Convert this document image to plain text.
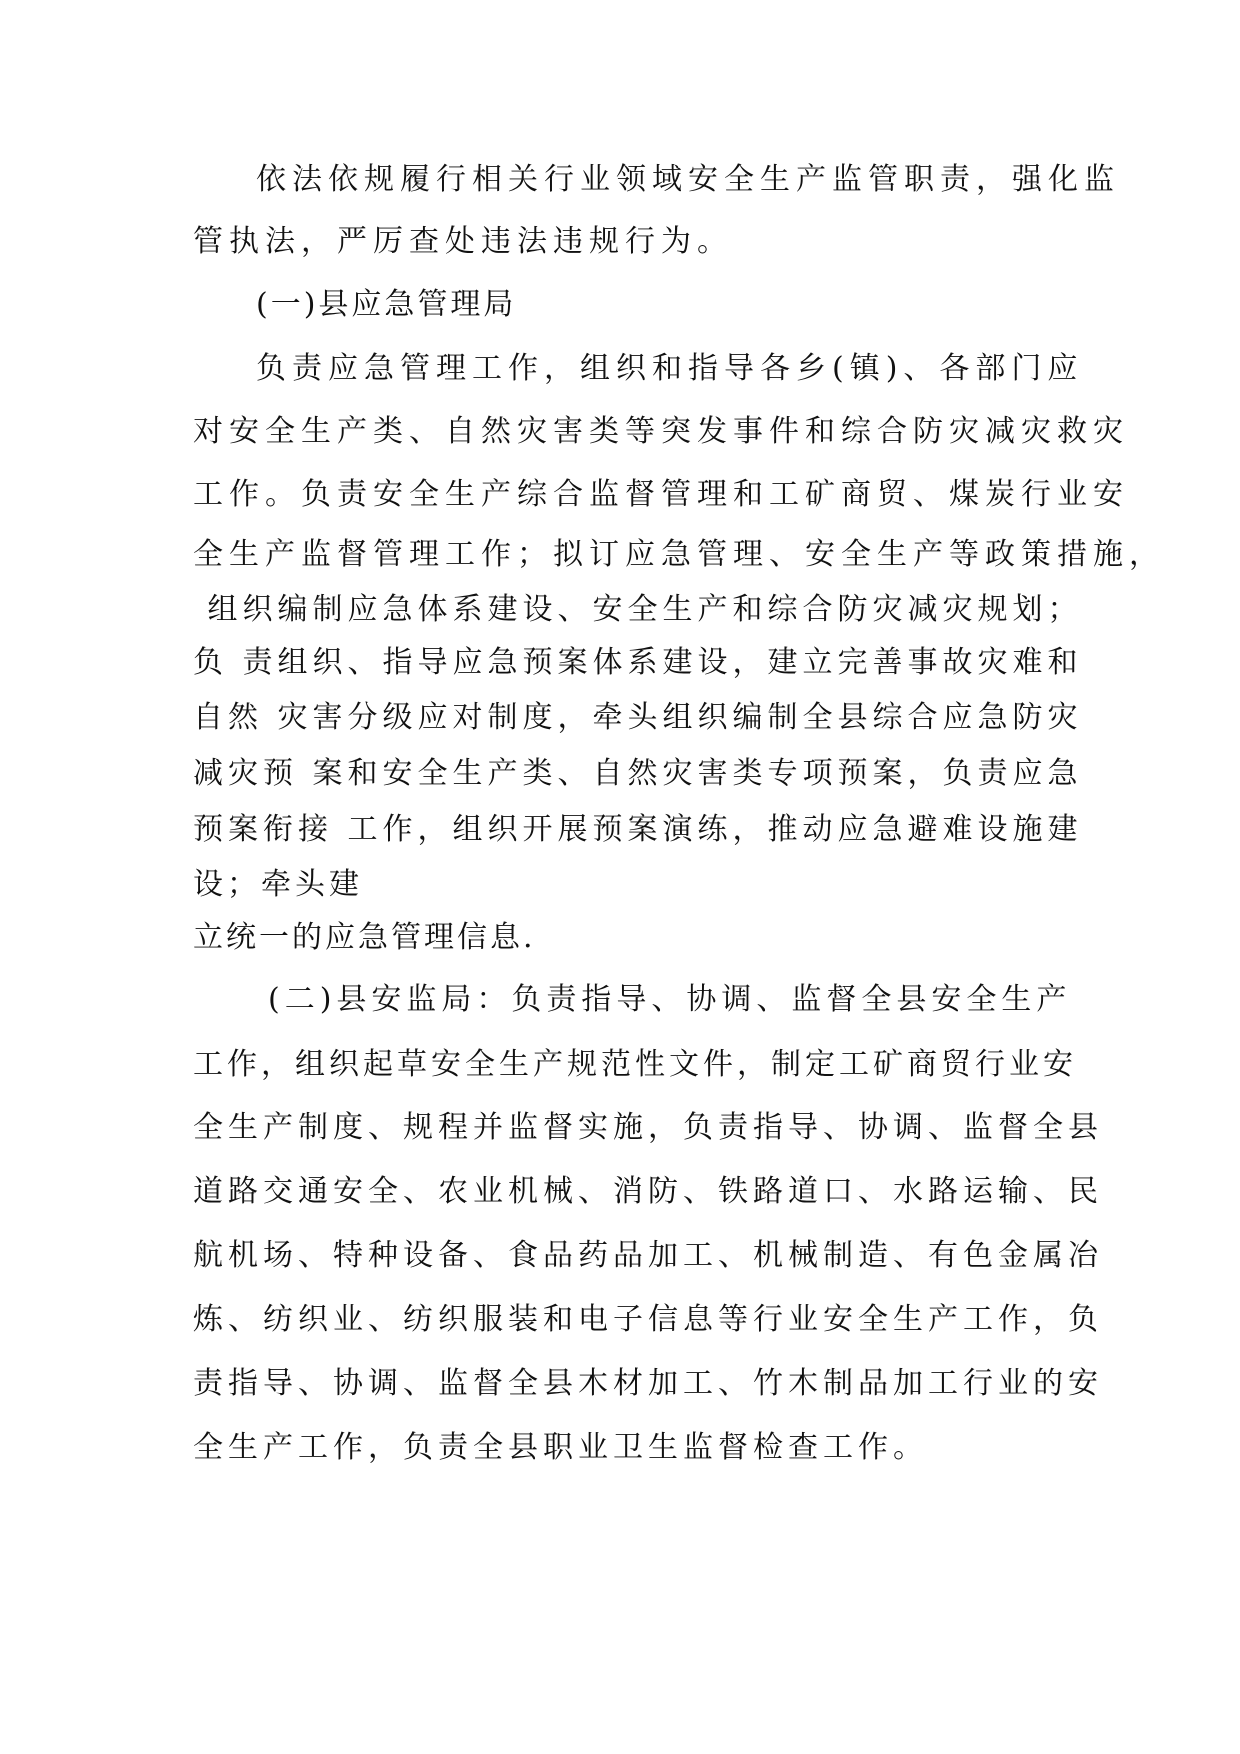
依法依规履行相关行业领域安全生产监管职责，强化监
管执法，严厉查处违法违规行为。
(一)县应急管理局
负责应急管理工作，组织和指导各乡(镇)、各部门应
对安全生产类、自然灾害类等突发事件和综合防灾减灾救灾
工作。负责安全生产综合监督管理和工矿商贸、煤炭行业安
全生产监督管理工作；拟订应急管理、安全生产等政策措施，
组织编制应急体系建设、安全生产和综合防灾减灾规划；
负 责组织、指导应急预案体系建设，建立完善事故灾难和
自然 灾害分级应对制度，牵头组织编制全县综合应急防灾
减灾预 案和安全生产类、自然灾害类专项预案，负责应急
预案衔接 工作，组织开展预案演练，推动应急避难设施建
设；牵头建
立统一的应急管理信息.
(二)县安监局：负责指导、协调、监督全县安全生产
工作，组织起草安全生产规范性文件，制定工矿商贸行业安
全生产制度、规程并监督实施，负责指导、协调、监督全县
道路交通安全、农业机械、消防、铁路道口、水路运输、民
航机场、特种设备、食品药品加工、机械制造、有色金属冶
炼、纺织业、纺织服装和电子信息等行业安全生产工作，负
责指导、协调、监督全县木材加工、竹木制品加工行业的安
全生产工作，负责全县职业卫生监督检查工作。
